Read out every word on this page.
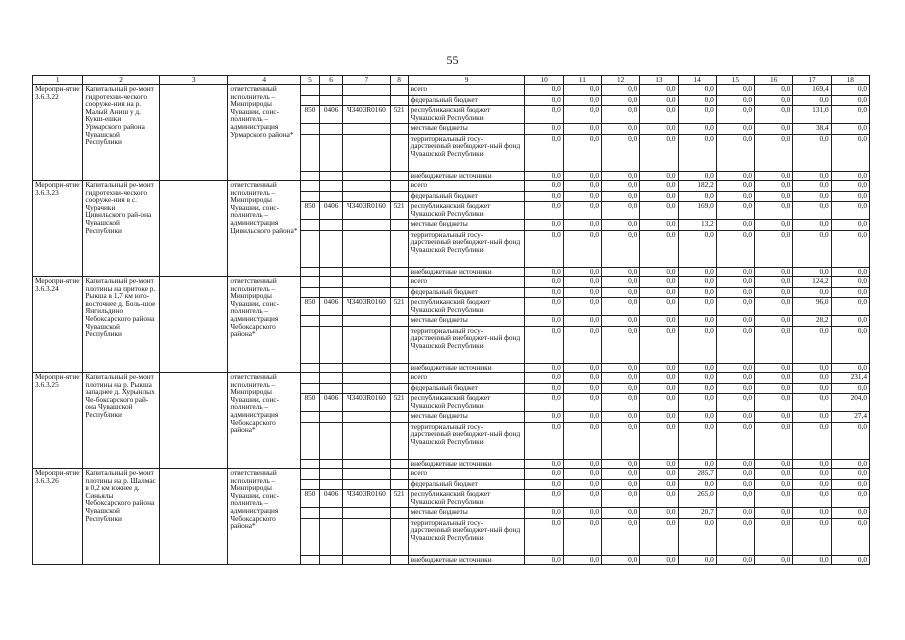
55
1	2	3	4	5	6	7	8	9	10	11	12	13	14	15	16	17	18
Меропри-ятие 3.6.3.22	Капитальный ре-монт гидротехни-ческого сооруже-ния на р. Малый Аниш у д. Кукш-ешки Урмарского района Чувашской Республики		ответственный исполнитель – Минприроды Чувашии, соис-полнитель – администрация Урмарского района*					всего	0,0	0,0	0,0	0,0	0,0	0,0	0,0	169,4	0,0
								федеральный бюджет	0,0	0,0	0,0	0,0	0,0	0,0	0,0	0,0	0,0
				850	0406	Ч3403R0160	521	республиканский бюджет Чувашской Республики	0,0	0,0	0,0	0,0	0,0	0,0	0,0	131,0	0,0
								местные бюджеты	0,0	0,0	0,0	0,0	0,0	0,0	0,0	38,4	0,0
								территориальный госу-дарственный внебюджет-ный фонд Чувашской Республики	0,0	0,0	0,0	0,0	0,0	0,0	0,0	0,0	0,0
								внебюджетные источники	0,0	0,0	0,0	0,0	0,0	0,0	0,0	0,0	0,0
Меропри-ятие 3.6.3.23	Капитальный ре-монт гидротехни-ческого сооруже-ния в с. Чурачики Цивильского рай-она Чувашской Республики		ответственный исполнитель – Минприроды Чувашии, соис-полнитель – администрация Цивильского района*					всего	0,0	0,0	0,0	0,0	182,2	0,0	0,0	0,0	0,0
								федеральный бюджет	0,0	0,0	0,0	0,0	0,0	0,0	0,0	0,0	0,0
				850	0406	Ч3403R0160	521	республиканский бюджет Чувашской Республики	0,0	0,0	0,0	0,0	169,0	0,0	0,0	0,0	0,0
								местные бюджеты	0,0	0,0	0,0	0,0	13,2	0,0	0,0	0,0	0,0
								территориальный госу-дарственный внебюджет-ный фонд Чувашской Республики	0,0	0,0	0,0	0,0	0,0	0,0	0,0	0,0	0,0
								внебюджетные источники	0,0	0,0	0,0	0,0	0,0	0,0	0,0	0,0	0,0
Меропри-ятие 3.6.3.24	Капитальный ре-монт плотины на притоке р. Рыкша в 1,7 км юго-восточнее д. Боль-шое Янгильдино Чебоксарского района Чувашской Республики		ответственный исполнитель – Минприроды Чувашии, соис-полнитель – администрация Чебоксарского района*					всего	0,0	0,0	0,0	0,0	0,0	0,0	0,0	124,2	0,0
								федеральный бюджет	0,0	0,0	0,0	0,0	0,0	0,0	0,0	0,0	0,0
				850	0406	Ч3403R0160	521	республиканский бюджет Чувашской Республики	0,0	0,0	0,0	0,0	0,0	0,0	0,0	96,0	0,0
								местные бюджеты	0,0	0,0	0,0	0,0	0,0	0,0	0,0	28,2	0,0
								территориальный госу-дарственный внебюджет-ный фонд Чувашской Республики	0,0	0,0	0,0	0,0	0,0	0,0	0,0	0,0	0,0
								внебюджетные источники	0,0	0,0	0,0	0,0	0,0	0,0	0,0	0,0	0,0
Меропри-ятие 3.6.3.25	Капитальный ре-монт плотины на р. Рыкша западнее д. Хурынлых Че-боксарского рай-она Чувашской Республики		ответственный исполнитель – Минприроды Чувашии, соис-полнитель – администрация Чебоксарского района*					всего	0,0	0,0	0,0	0,0	0,0	0,0	0,0	0,0	231,4
								федеральный бюджет	0,0	0,0	0,0	0,0	0,0	0,0	0,0	0,0	0,0
				850	0406	Ч3403R0160	521	республиканский бюджет Чувашской Республики	0,0	0,0	0,0	0,0	0,0	0,0	0,0	0,0	204,0
								местные бюджеты	0,0	0,0	0,0	0,0	0,0	0,0	0,0	0,0	27,4
								территориальный госу-дарственный внебюджет-ный фонд Чувашской Республики	0,0	0,0	0,0	0,0	0,0	0,0	0,0	0,0	0,0
								внебюджетные источники	0,0	0,0	0,0	0,0	0,0	0,0	0,0	0,0	0,0
Меропри-ятие 3.6.3.26	Капитальный ре-монт плотины на р. Шалмас в 0,2 км южнее д. Синьялы Чебоксарского района Чувашской Республики		ответственный исполнитель – Минприроды Чувашии, соис-полнитель – администрация Чебоксарского района*					всего	0,0	0,0	0,0	0,0	285,7	0,0	0,0	0,0	0,0
								федеральный бюджет	0,0	0,0	0,0	0,0	0,0	0,0	0,0	0,0	0,0
				850	0406	Ч3403R0160	521	республиканский бюджет Чувашской Республики	0,0	0,0	0,0	0,0	265,0	0,0	0,0	0,0	0,0
								местные бюджеты	0,0	0,0	0,0	0,0	20,7	0,0	0,0	0,0	0,0
								территориальный госу-дарственный внебюджет-ный фонд Чувашской Республики	0,0	0,0	0,0	0,0	0,0	0,0	0,0	0,0	0,0
								внебюджетные источники	0,0	0,0	0,0	0,0	0,0	0,0	0,0	0,0	0,0
